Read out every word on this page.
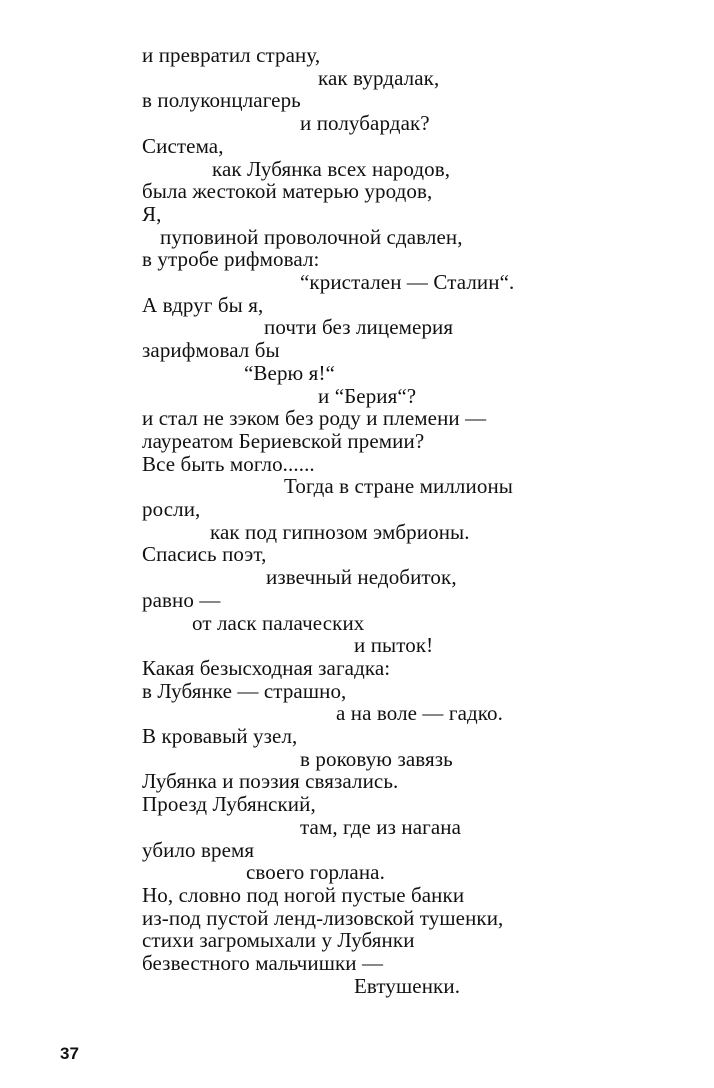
и превратил страну,
как вурдалак,
в полуконцлагерь
и полубардак?
Система,
как Лубянка всех народов,
была жестокой матерью уродов,
Я,
пуповиной проволочной сдавлен,
в утробе рифмовал:
“кристален — Сталин“.
А вдруг бы я,
почти без лицемерия
зарифмовал бы
“Верю я!“
и “Берия“?
и стал не зэком без роду и племени —
лауреатом Бериевской премии?
Все быть могло......
Тогда в стране миллионы
росли,
как под гипнозом эмбрионы.
Спасись поэт,
извечный недобиток,
равно —
от ласк палаческих
и пыток!
Какая безысходная загадка:
в Лубянке — страшно,
а на воле — гадко.
В кровавый узел,
в роковую завязь
Лубянка и поэзия связались.
Проезд Лубянский,
там, где из нагана
убило время
своего горлана.
Но, словно под ногой пустые банки
из-под пустой ленд-лизовской тушенки,
стихи загромыхали у Лубянки
безвестного мальчишки —
Евтушенки.
37
